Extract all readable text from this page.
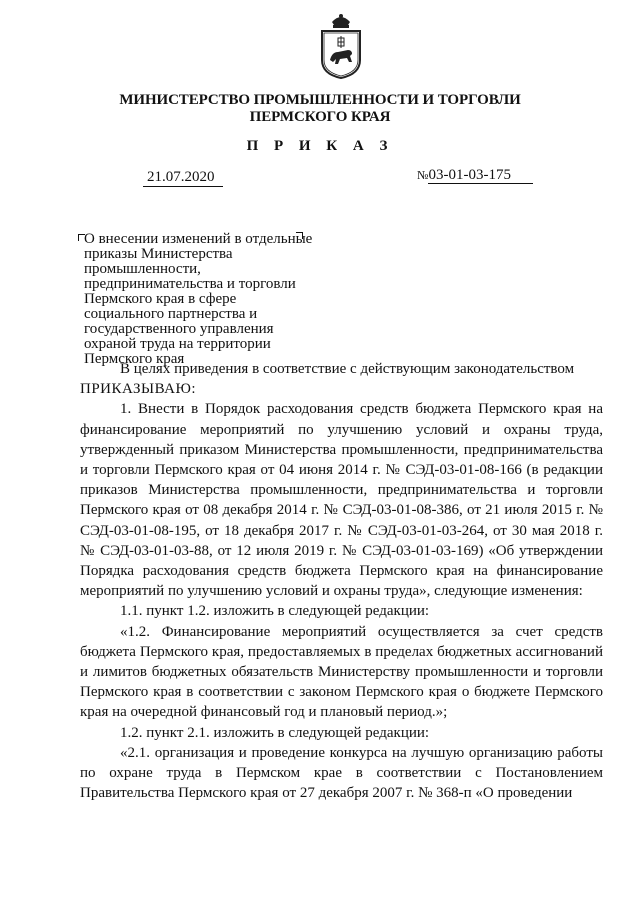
МИНИСТЕРСТВО ПРОМЫШЛЕННОСТИ И ТОРГОВЛИ
ПЕРМСКОГО КРАЯ
П Р И К А З
21.07.2020	№03-01-03-175
О внесении изменений в отдельные приказы Министерства промышленности, предпринимательства и торговли Пермского края в сфере социального партнерства и государственного управления охраной труда на территории Пермского края

В целях приведения в соответствие с действующим законодательством

ПРИКАЗЫВАЮ:

1. Внести в Порядок расходования средств бюджета Пермского края на финансирование мероприятий по улучшению условий и охраны труда, утвержденный приказом Министерства промышленности, предпринимательства и торговли Пермского края от 04 июня 2014 г. № СЭД-03-01-08-166 (в редакции приказов Министерства промышленности, предпринимательства и торговли Пермского края от 08 декабря 2014 г. № СЭД-03-01-08-386, от 21 июля 2015 г. № СЭД-03-01-08-195, от 18 декабря 2017 г. № СЭД-03-01-03-264, от 30 мая 2018 г. № СЭД-03-01-03-88, от 12 июля 2019 г. № СЭД-03-01-03-169) «Об утверждении Порядка расходования средств бюджета Пермского края на финансирование мероприятий по улучшению условий и охраны труда», следующие изменения:

1.1. пункт 1.2. изложить в следующей редакции:

«1.2. Финансирование мероприятий осуществляется за счет средств бюджета Пермского края, предоставляемых в пределах бюджетных ассигнований и лимитов бюджетных обязательств Министерству промышленности и торговли Пермского края в соответствии с законом Пермского края о бюджете Пермского края на очередной финансовый год и плановый период.»;

1.2. пункт 2.1. изложить в следующей редакции:

«2.1. организация и проведение конкурса на лучшую организацию работы по охране труда в Пермском крае в соответствии с Постановлением Правительства Пермского края от 27 декабря 2007 г. № 368-п «О проведении
